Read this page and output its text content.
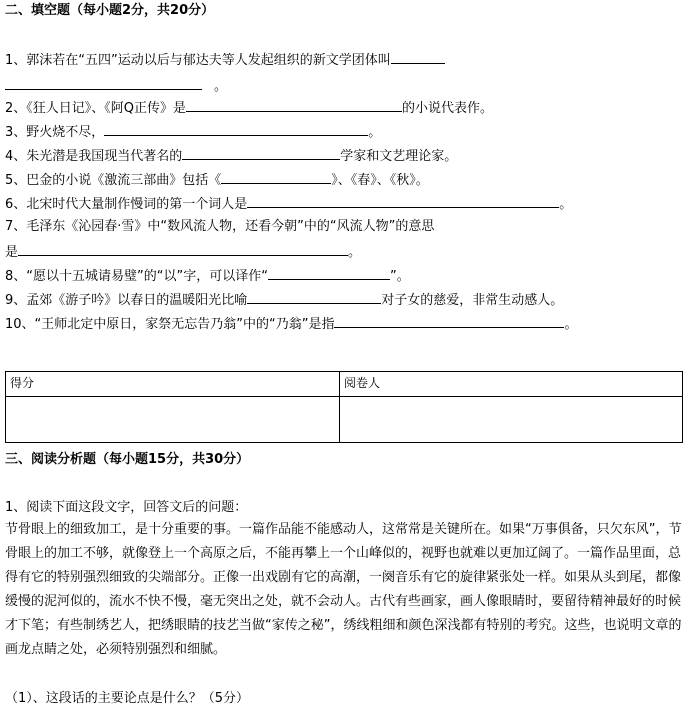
二、填空题（每小题2分，共20分）
1、郭沫若在“五四”运动以后与郁达夫等人发起组织的新文学团体叫
。
2、《狂人日记》、《阿Q正传》是	的小说代表作。
3、野火烧不尽，	。
4、朱光潜是我国现当代著名的	学家和文艺理论家。
5、巴金的小说《激流三部曲》包括《	》、《春》、《秋》。
6、北宋时代大量制作慢词的第一个词人是	。
7、毛泽东《沁园春·雪》中“数风流人物，还看今朝”中的“风流人物”的意思
是	。
8、“愿以十五城请易璧”的“以”字，可以译作“	”。
9、孟郊《游子吟》以春日的温暖阳光比喻	对子女的慈爱，非常生动感人。
10、“王师北定中原日，家祭无忘告乃翁”中的“乃翁”是指	。
得分	阅卷人

三、阅读分析题（每小题15分，共30分）
1、阅读下面这段文字，回答文后的问题：
节骨眼上的细致加工，是十分重要的事。一篇作品能不能感动人，这常常是关键所在。如果“万事俱备，只欠东风”，节骨眼上的加工不够，就像登上一个高原之后，不能再攀上一个山峰似的，视野也就难以更加辽阔了。一篇作品里面，总得有它的特别强烈细致的尖端部分。正像一出戏剧有它的高潮，一阕音乐有它的旋律紧张处一样。如果从头到尾，都像缓慢的泥河似的，流水不快不慢，毫无突出之处，就不会动人。古代有些画家，画人像眼睛时，要留待精神最好的时候才下笔；有些制绣艺人，把绣眼睛的技艺当做“家传之秘”，绣线粗细和颜色深浅都有特别的考究。这些，也说明文章的画龙点睛之处，必须特别强烈和细腻。
（1）、这段话的主要论点是什么？（5分）
